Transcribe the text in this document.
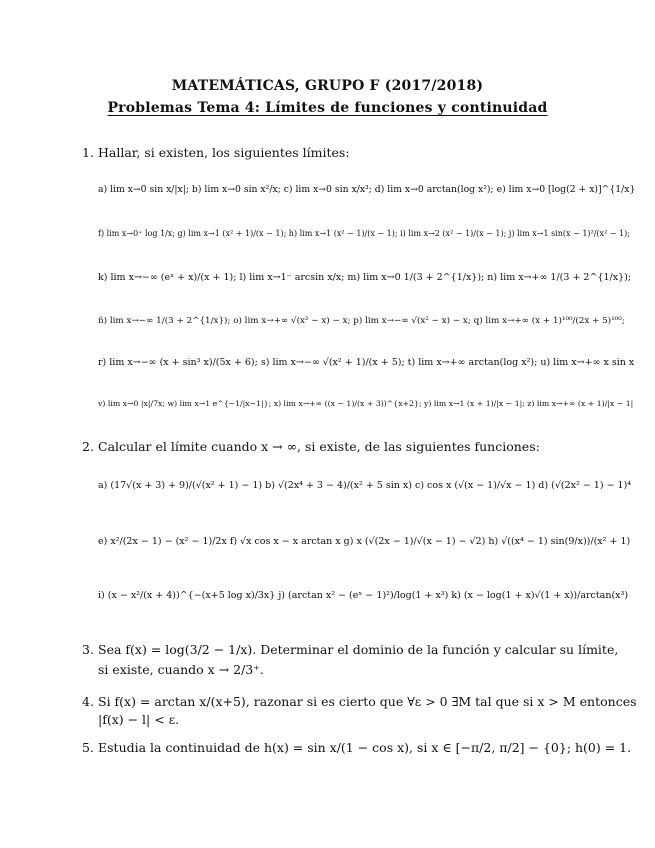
MATEMÁTICAS, GRUPO F (2017/2018)
Problemas Tema 4: Límites de funciones y continuidad
1. Hallar, si existen, los siguientes límites:
a) lim x→0 sin x/|x|; b) lim x→0 sin x²/x; c) lim x→0 sin x/x³; d) lim x→0 arctan(log x²); e) lim x→0 [log(2 + x)]^{1/x}
f) lim x→0⁺ log 1/x; g) lim x→1 (x² + 1)/(x − 1); h) lim x→1 (x² − 1)/(x − 1); i) lim x→2 (x² − 1)/(x − 1); j) lim x→1 sin(x − 1)²/(x² − 1);
k) lim x→−∞ (eˣ + x)/(x + 1); l) lim x→1⁻ arcsin x/x; m) lim x→0 1/(3 + 2^{1/x}); n) lim x→+∞ 1/(3 + 2^{1/x});
ñ) lim x→−∞ 1/(3 + 2^{1/x}); o) lim x→+∞ √(x² − x) − x; p) lim x→−∞ √(x² − x) − x; q) lim x→+∞ (x + 1)¹⁰⁰/(2x + 5)¹⁰⁰;
r) lim x→−∞ (x + sin³ x)/(5x + 6); s) lim x→−∞ √(x² + 1)/(x + 5); t) lim x→+∞ arctan(log x²); u) lim x→+∞ x sin x
v) lim x→0 |x|/7x; w) lim x→1 e^{−1/|x−1|}; x) lim x→+∞ ((x − 1)/(x + 3))^{x+2}; y) lim x→1 (x + 1)/|x − 1|; z) lim x→+∞ (x + 1)/|x − 1|
2. Calcular el límite cuando x → ∞, si existe, de las siguientes funciones:
a) (17√(x + 3) + 9)/(√(x² + 1) − 1) b) √(2x⁴ + 3 − 4)/(x² + 5 sin x) c) cos x (√(x − 1)/√x − 1) d) (√(2x² − 1) − 1)⁴
e) x²/(2x − 1) − (x² − 1)/2x f) √x cos x − x arctan x g) x (√(2x − 1)/√(x − 1) − √2) h) √((x⁴ − 1) sin(9/x))/(x² + 1)
i) (x − x²/(x + 4))^{−(x+5 log x)/3x} j) (arctan x² − (eˣ − 1)²)/log(1 + x³) k) (x − log(1 + x)√(1 + x))/arctan(x³)
3. Sea f(x) = log(3/2 − 1/x). Determinar el dominio de la función y calcular su límite,
si existe, cuando x → 2/3⁺.
4. Si f(x) = arctan x/(x+5), razonar si es cierto que ∀ε > 0 ∃M tal que si x > M entonces
|f(x) − l| < ε.
5. Estudia la continuidad de h(x) = sin x/(1 − cos x), si x ∈ [−π/2, π/2] − {0}; h(0) = 1.
